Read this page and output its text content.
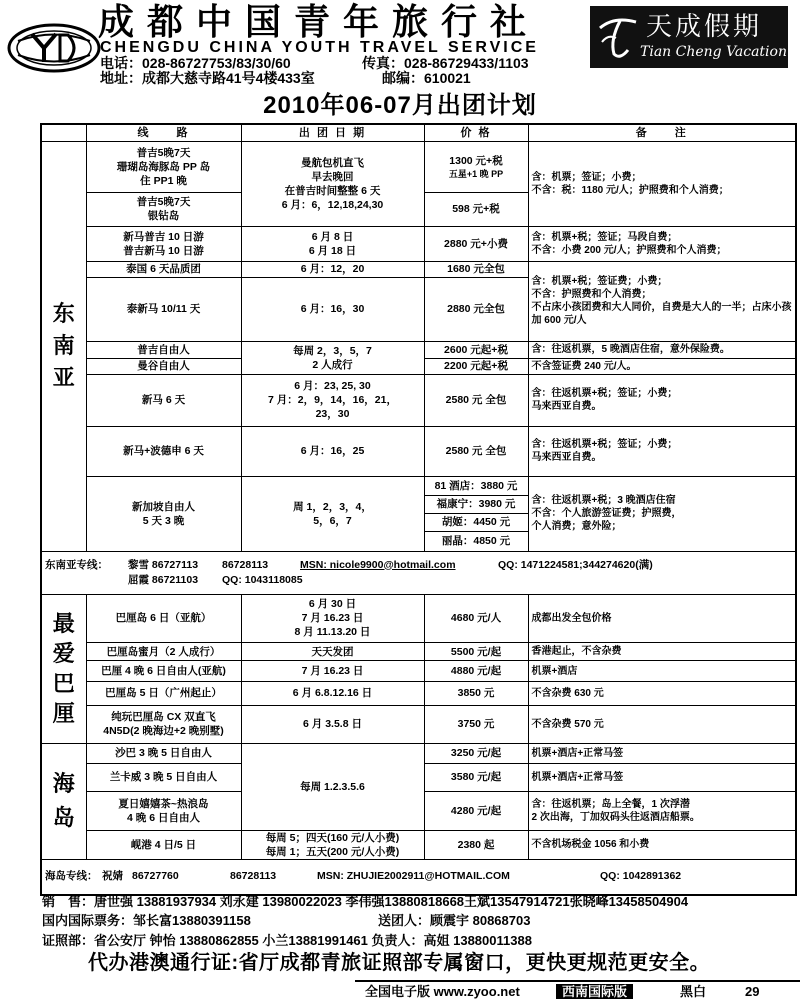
成都中国青年旅行社
CHENGDU CHINA YOUTH TRAVEL SERVICE
电话：028-86727753/83/30/60	传真：028-86729433/1103
地址：成都大慈寺路41号4楼433室	邮编：610021
天成假期
Tian Cheng Vacation
2010年06-07月出团计划
	线　　路	出 团 日 期	价 格	备　　注

东南亚	普吉5晚7天
珊瑚岛海豚岛 PP 岛
住 PP1 晚	曼航包机直飞
早去晚回
在普吉时间整整 6 天
6 月：6，12,18,24,30	1300 元+税
五星+1 晚 PP	含：机票；签证；小费；
不含：税：1180 元/人；护照费和个人消费；
	普吉5晚7天
银钻岛		598 元+税	
	新马普吉 10 日游
普吉新马 10 日游	6 月 8 日
6 月 18 日	2880 元+小费	含：机票+税；签证；马段自费；
不含：小费 200 元/人；护照费和个人消费；
	泰国 6 天品质团	6 月：12，20	1680 元全包	含：机票+税；签证费；小费；
不含：护照费和个人消费；
不占床小孩团费和大人同价，自费是大人的一半；占床小孩加 600 元/人
	泰新马 10/11 天	6 月：16，30	2880 元全包	
	普吉自由人	每周 2，3，5，7
2 人成行	2600 元起+税	含：往返机票，5 晚酒店住宿，意外保险费。
	曼谷自由人		2200 元起+税	不含签证费 240 元/人。
	新马 6 天	6 月：23, 25, 30
7 月：2，9，14，16，21，
23，30	2580 元 全包	含：往返机票+税；签证；小费；
马来西亚自费。
	新马+波德申 6 天	6 月：16，25	2580 元 全包	含：往返机票+税；签证；小费；
马来西亚自费。
	新加坡自由人
5 天 3 晚	周 1，2，3，4，
5，6，7	81 酒店：3880 元	含：往返机票+税；3 晚酒店住宿
不含：个人旅游签证费；护照费，
个人消费；意外险；
			福康宁：3980 元	
			胡姬：4450 元	
			丽晶：4850 元	
东南亚专线： 黎雪 86727113 86728113 MSN: nicole9900@hotmail.com QQ: 1471224581;344274620(满)
屈霞 86721103 QQ: 1043118085				

最爱巴厘	巴厘岛 6 日（亚航）	6 月 30 日
7 月 16.23 日
8 月 11.13.20 日	4680 元/人	成都出发全包价格
	巴厘岛蜜月（2 人成行）	天天发团	5500 元/起	香港起止，不含杂费
	巴厘 4 晚 6 日自由人(亚航)	7 月 16.23 日	4880 元/起	机票+酒店
	巴厘岛 5 日（广州起止）	6 月 6.8.12.16 日	3850 元	不含杂费 630 元
	纯玩巴厘岛 CX 双直飞
4N5D(2 晚海边+2 晚别墅)	6 月 3.5.8 日	3750 元	不含杂费 570 元

海岛	沙巴 3 晚 5 日自由人	每周 1.2.3.5.6	3250 元/起	机票+酒店+正常马签
	兰卡威 3 晚 5 日自由人		3580 元/起	机票+酒店+正常马签
	夏日嬉嬉茶~热浪岛
4 晚 6 日自由人		4280 元/起	含：往返机票；岛上全餐，1 次浮潜
2 次出海，丁加奴码头往返酒店船票。
	岘港 4 日/5 日	每周 5；四天(160 元/人小费)
每周 1；五天(200 元/人小费)	2380 起	不含机场税金 1056 和小费
海岛专线： 祝婧 86727760 86728113 MSN: ZHUJIE2002911@HOTMAIL.COM QQ: 1042891362				
销　售：唐世强 13881937934 刘永建 13980022023 李伟强13880818668王斌13547914721张晓峰13458504904
国内国际票务：邹长富13880391158	送团人：顾震宇 80868703
证照部：省公安厅 钟怡 13880862855 小兰13881991461 负责人：高姐 13880011388
代办港澳通行证:省厅成都青旅证照部专属窗口，更快更规范更安全。
全国电子版 www.zyoo.net	西南国际版	黑白	29
